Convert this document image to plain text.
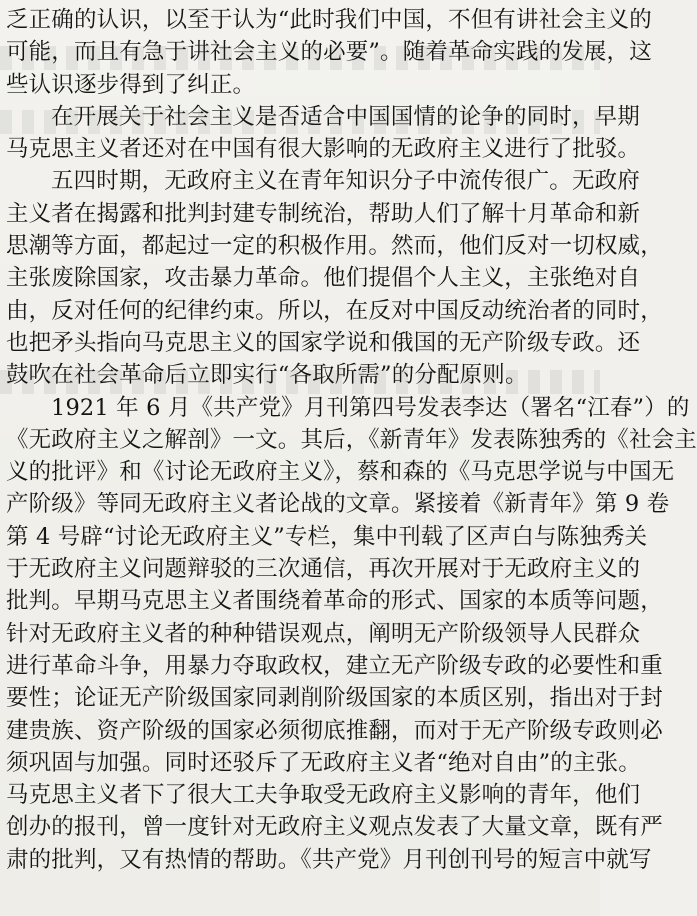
乏正确的认识，以至于认为“此时我们中国，不但有讲社会主义的
可能，而且有急于讲社会主义的必要”。随着革命实践的发展，这
些认识逐步得到了纠正。
在开展关于社会主义是否适合中国国情的论争的同时，早期
马克思主义者还对在中国有很大影响的无政府主义进行了批驳。
五四时期，无政府主义在青年知识分子中流传很广。无政府
主义者在揭露和批判封建专制统治，帮助人们了解十月革命和新
思潮等方面，都起过一定的积极作用。然而，他们反对一切权威，
主张废除国家，攻击暴力革命。他们提倡个人主义，主张绝对自
由，反对任何的纪律约束。所以，在反对中国反动统治者的同时，
也把矛头指向马克思主义的国家学说和俄国的无产阶级专政。还
鼓吹在社会革命后立即实行“各取所需”的分配原则。
1921 年 6 月《共产党》月刊第四号发表李达（署名“江春”）的
《无政府主义之解剖》一文。其后，《新青年》发表陈独秀的《社会主
义的批评》和《讨论无政府主义》，蔡和森的《马克思学说与中国无
产阶级》等同无政府主义者论战的文章。紧接着《新青年》第 9 卷
第 4 号辟“讨论无政府主义”专栏，集中刊载了区声白与陈独秀关
于无政府主义问题辩驳的三次通信，再次开展对于无政府主义的
批判。早期马克思主义者围绕着革命的形式、国家的本质等问题，
针对无政府主义者的种种错误观点，阐明无产阶级领导人民群众
进行革命斗争，用暴力夺取政权，建立无产阶级专政的必要性和重
要性；论证无产阶级国家同剥削阶级国家的本质区别，指出对于封
建贵族、资产阶级的国家必须彻底推翻，而对于无产阶级专政则必
须巩固与加强。同时还驳斥了无政府主义者“绝对自由”的主张。
马克思主义者下了很大工夫争取受无政府主义影响的青年，他们
创办的报刊，曾一度针对无政府主义观点发表了大量文章，既有严
肃的批判，又有热情的帮助。《共产党》月刊创刊号的短言中就写
